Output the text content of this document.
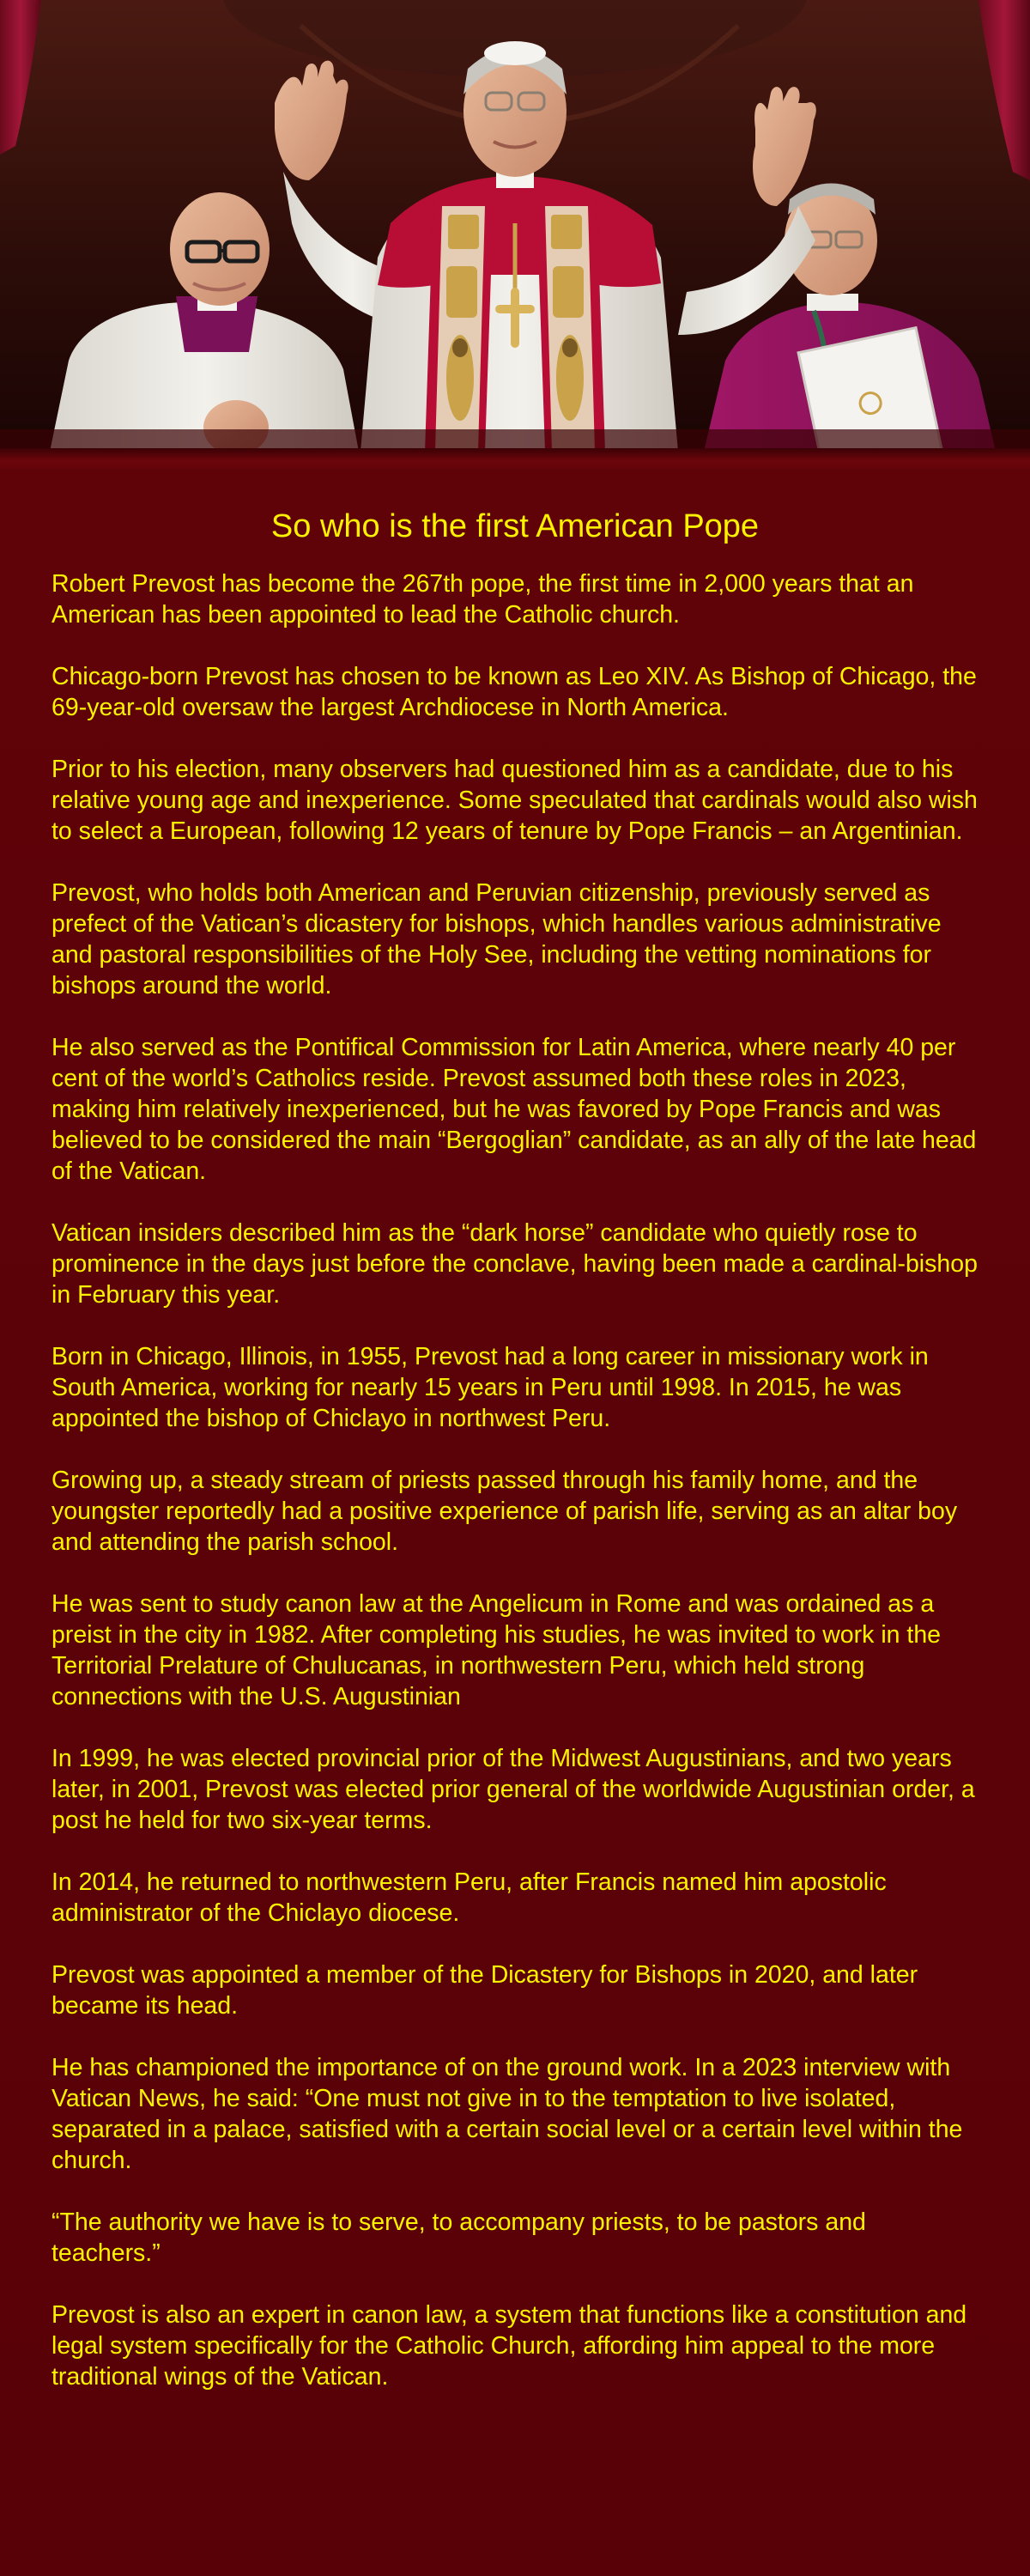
So who is the first American Pope

Robert Prevost has become the 267th pope, the first time in 2,000 years that an American has been appointed to lead the Catholic church.

Chicago-born Prevost has chosen to be known as Leo XIV. As Bishop of Chicago, the 69-year-old oversaw the largest Archdiocese in North America.

Prior to his election, many observers had questioned him as a candidate, due to his relative young age and inexperience. Some speculated that cardinals would also wish to select a European, following 12 years of tenure by Pope Francis – an Argentinian.

Prevost, who holds both American and Peruvian citizenship, previously served as prefect of the Vatican’s dicastery for bishops, which handles various administrative and pastoral responsibilities of the Holy See, including the vetting nominations for bishops around the world.

He also served as the Pontifical Commission for Latin America, where nearly 40 per cent of the world’s Catholics reside. Prevost assumed both these roles in 2023, making him relatively inexperienced, but he was favored by Pope Francis and was believed to be considered the main “Bergoglian” candidate, as an ally of the late head of the Vatican.

Vatican insiders described him as the “dark horse” candidate who quietly rose to prominence in the days just before the conclave, having been made a cardinal-bishop in February this year.

Born in Chicago, Illinois, in 1955, Prevost had a long career in missionary work in South America, working for nearly 15 years in Peru until 1998. In 2015, he was appointed the bishop of Chiclayo in northwest Peru.

Growing up, a steady stream of priests passed through his family home, and the youngster reportedly had a positive experience of parish life, serving as an altar boy and attending the parish school.

He was sent to study canon law at the Angelicum in Rome and was ordained as a preist in the city in 1982. After completing his studies, he was invited to work in the Territorial Prelature of Chulucanas, in northwestern Peru, which held strong connections with the U.S. Augustinian

In 1999, he was elected provincial prior of the Midwest Augustinians, and two years later, in 2001, Prevost was elected prior general of the worldwide Augustinian order, a post he held for two six-year terms.

In 2014, he returned to northwestern Peru, after Francis named him apostolic administrator of the Chiclayo diocese.

Prevost was appointed a member of the Dicastery for Bishops in 2020, and later became its head.

He has championed the importance of on the ground work. In a 2023 interview with Vatican News, he said: “One must not give in to the temptation to live isolated, separated in a palace, satisfied with a certain social level or a certain level within the church.

“The authority we have is to serve, to accompany priests, to be pastors and teachers.”

Prevost is also an expert in canon law, a system that functions like a constitution and legal system specifically for the Catholic Church, affording him appeal to the more traditional wings of the Vatican.
